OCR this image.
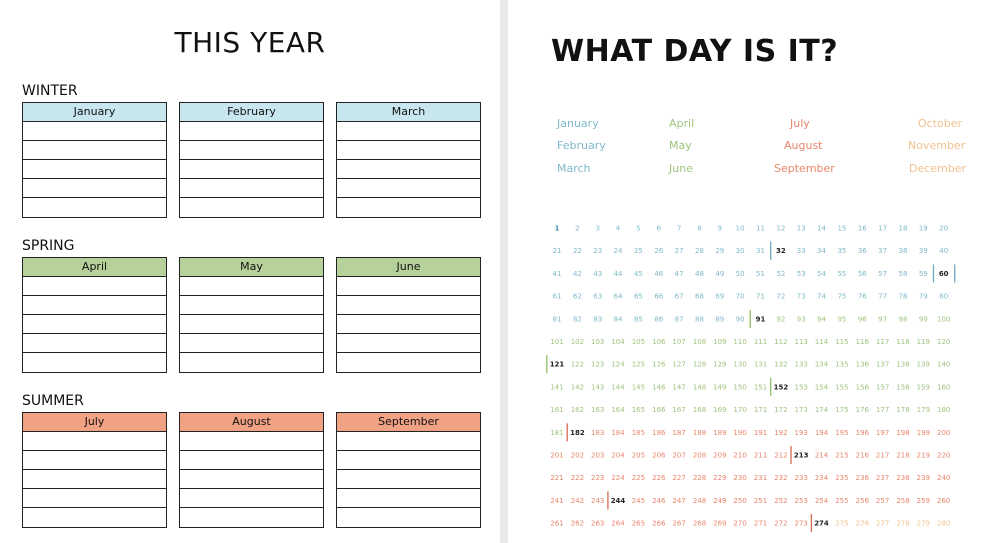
THIS YEAR
WINTER
January	February	March
SPRING
April	May	June
SUMMER
July	August	September
WHAT DAY IS IT?
January	April	July	October
February	May	August	November
March	June	September	December
1 2 3 4 5 6 7 8 9 10 11 12 13 14 15 16 17 18 19 20
21 22 23 24 25 26 27 28 29 30 31 32 33 34 35 36 37 38 39 40
41 42 43 44 45 46 47 48 49 50 51 52 53 54 55 56 57 58 59 60
61 62 63 64 65 66 67 68 69 70 71 72 73 74 75 76 77 78 79 80
81 82 83 84 85 86 87 88 89 90 91 92 93 94 95 96 97 98 99 100
101 102 103 104 105 106 107 108 109 110 111 112 113 114 115 116 117 118 119 120
121 122 123 124 125 126 127 128 129 130 131 132 133 134 135 136 137 138 139 140
141 142 143 144 145 146 147 148 149 150 151 152 153 154 155 156 157 158 159 160
161 162 163 164 165 166 167 168 169 170 171 172 173 174 175 176 177 178 179 180
181 182 183 184 185 186 187 188 189 190 191 192 193 194 195 196 197 198 199 200
201 202 203 204 205 206 207 208 209 210 211 212 213 214 215 216 217 218 219 220
221 222 223 224 225 226 227 228 229 230 231 232 233 234 235 236 237 238 239 240
241 242 243 244 245 246 247 248 249 250 251 252 253 254 255 256 257 258 259 260
261 262 263 264 265 266 267 268 269 270 271 272 273 274 275 276 277 278 279 280
